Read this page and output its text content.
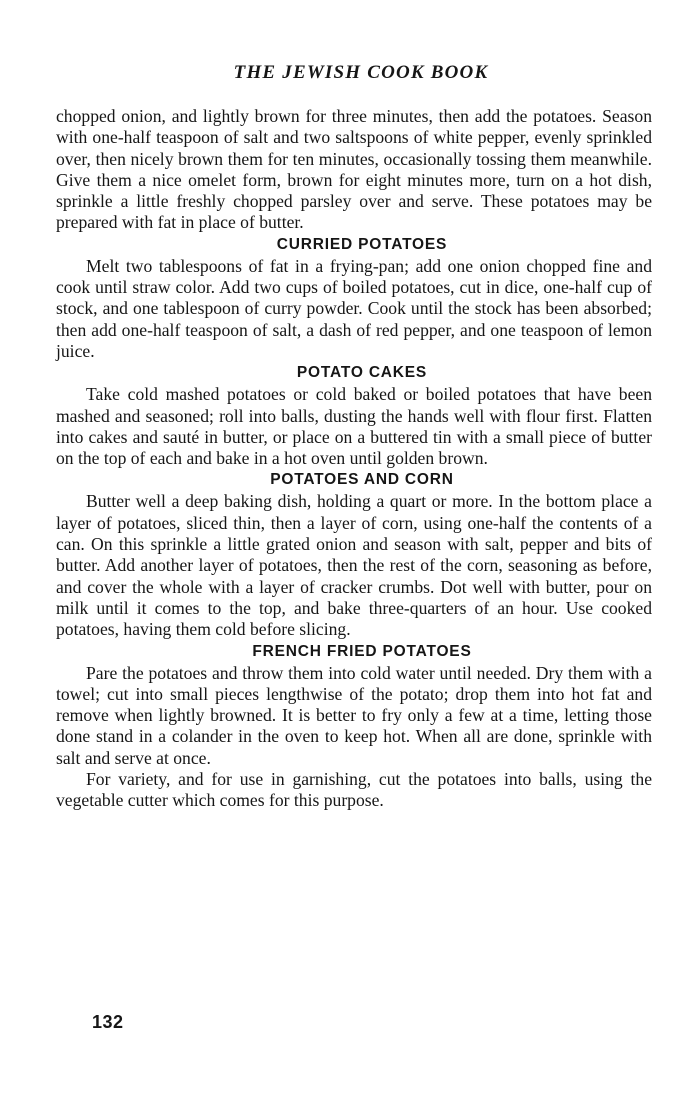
THE JEWISH COOK BOOK

chopped onion, and lightly brown for three minutes, then add the potatoes. Season with one-half teaspoon of salt and two saltspoons of white pepper, evenly sprinkled over, then nicely brown them for ten minutes, occasionally tossing them meanwhile. Give them a nice omelet form, brown for eight minutes more, turn on a hot dish, sprinkle a little freshly chopped parsley over and serve. These potatoes may be prepared with fat in place of butter.

CURRIED POTATOES

Melt two tablespoons of fat in a frying-pan; add one onion chopped fine and cook until straw color. Add two cups of boiled potatoes, cut in dice, one-half cup of stock, and one tablespoon of curry powder. Cook until the stock has been absorbed; then add one-half teaspoon of salt, a dash of red pepper, and one teaspoon of lemon juice.

POTATO CAKES

Take cold mashed potatoes or cold baked or boiled potatoes that have been mashed and seasoned; roll into balls, dusting the hands well with flour first. Flatten into cakes and sauté in butter, or place on a buttered tin with a small piece of butter on the top of each and bake in a hot oven until golden brown.

POTATOES AND CORN

Butter well a deep baking dish, holding a quart or more. In the bottom place a layer of potatoes, sliced thin, then a layer of corn, using one-half the contents of a can. On this sprinkle a little grated onion and season with salt, pepper and bits of butter. Add another layer of potatoes, then the rest of the corn, seasoning as before, and cover the whole with a layer of cracker crumbs. Dot well with butter, pour on milk until it comes to the top, and bake three-quarters of an hour. Use cooked potatoes, having them cold before slicing.

FRENCH FRIED POTATOES

Pare the potatoes and throw them into cold water until needed. Dry them with a towel; cut into small pieces lengthwise of the potato; drop them into hot fat and remove when lightly browned. It is better to fry only a few at a time, letting those done stand in a colander in the oven to keep hot. When all are done, sprinkle with salt and serve at once.

For variety, and for use in garnishing, cut the potatoes into balls, using the vegetable cutter which comes for this purpose.

132
